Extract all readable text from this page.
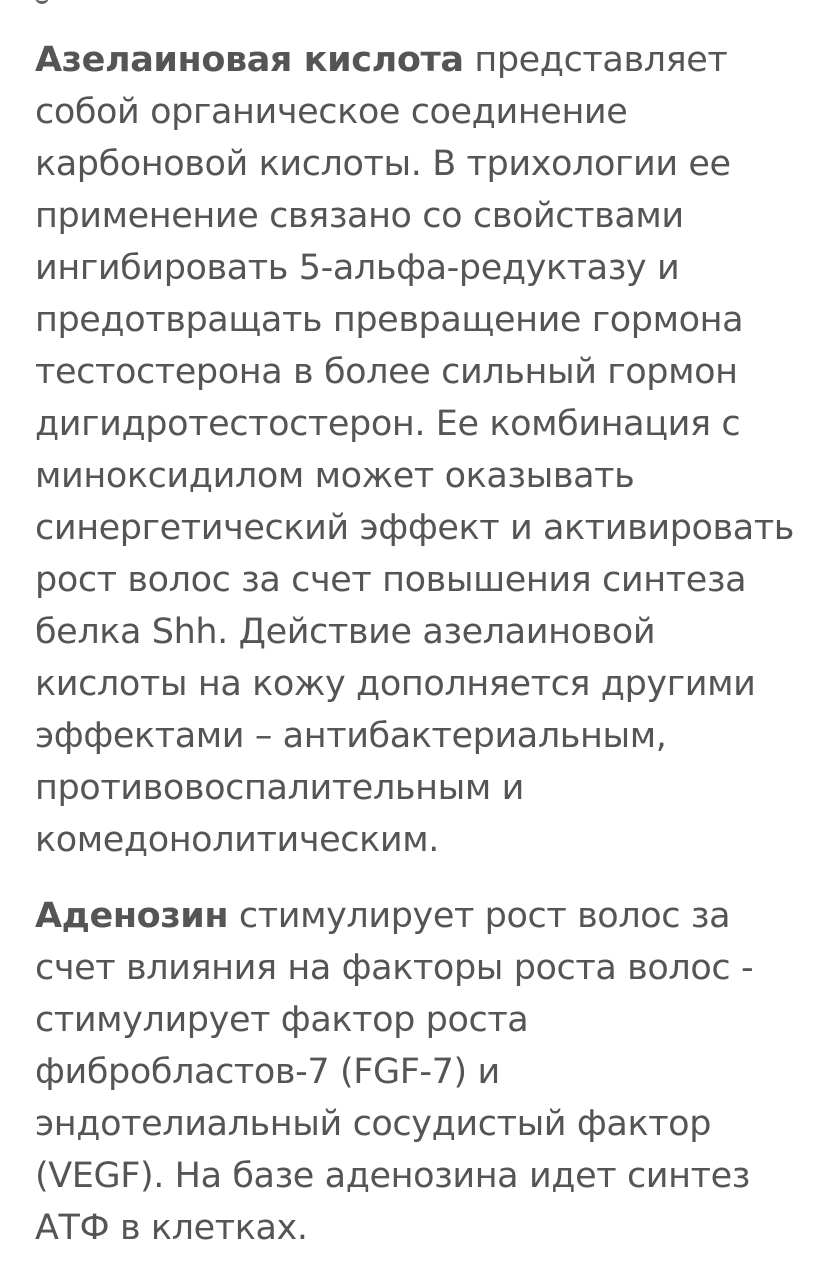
Азелаиновая кислота представляет собой органическое соединение карбоновой кислоты. В трихологии ее применение связано со свойствами ингибировать 5-альфа-редуктазу и предотвращать превращение гормона тестостерона в более сильный гормон дигидротестостерон. Ее комбинация с миноксидилом может оказывать синергетический эффект и активировать рост волос за счет повышения синтеза белка Shh. Действие азелаиновой кислоты на кожу дополняется другими эффектами – антибактериальным, противовоспалительным и комедонолитическим.

Аденозин стимулирует рост волос за счет влияния на факторы роста волос - стимулирует фактор роста фибробластов-7 (FGF-7) и эндотелиальный сосудистый фактор (VEGF). На базе аденозина идет синтез АТФ в клетках.
